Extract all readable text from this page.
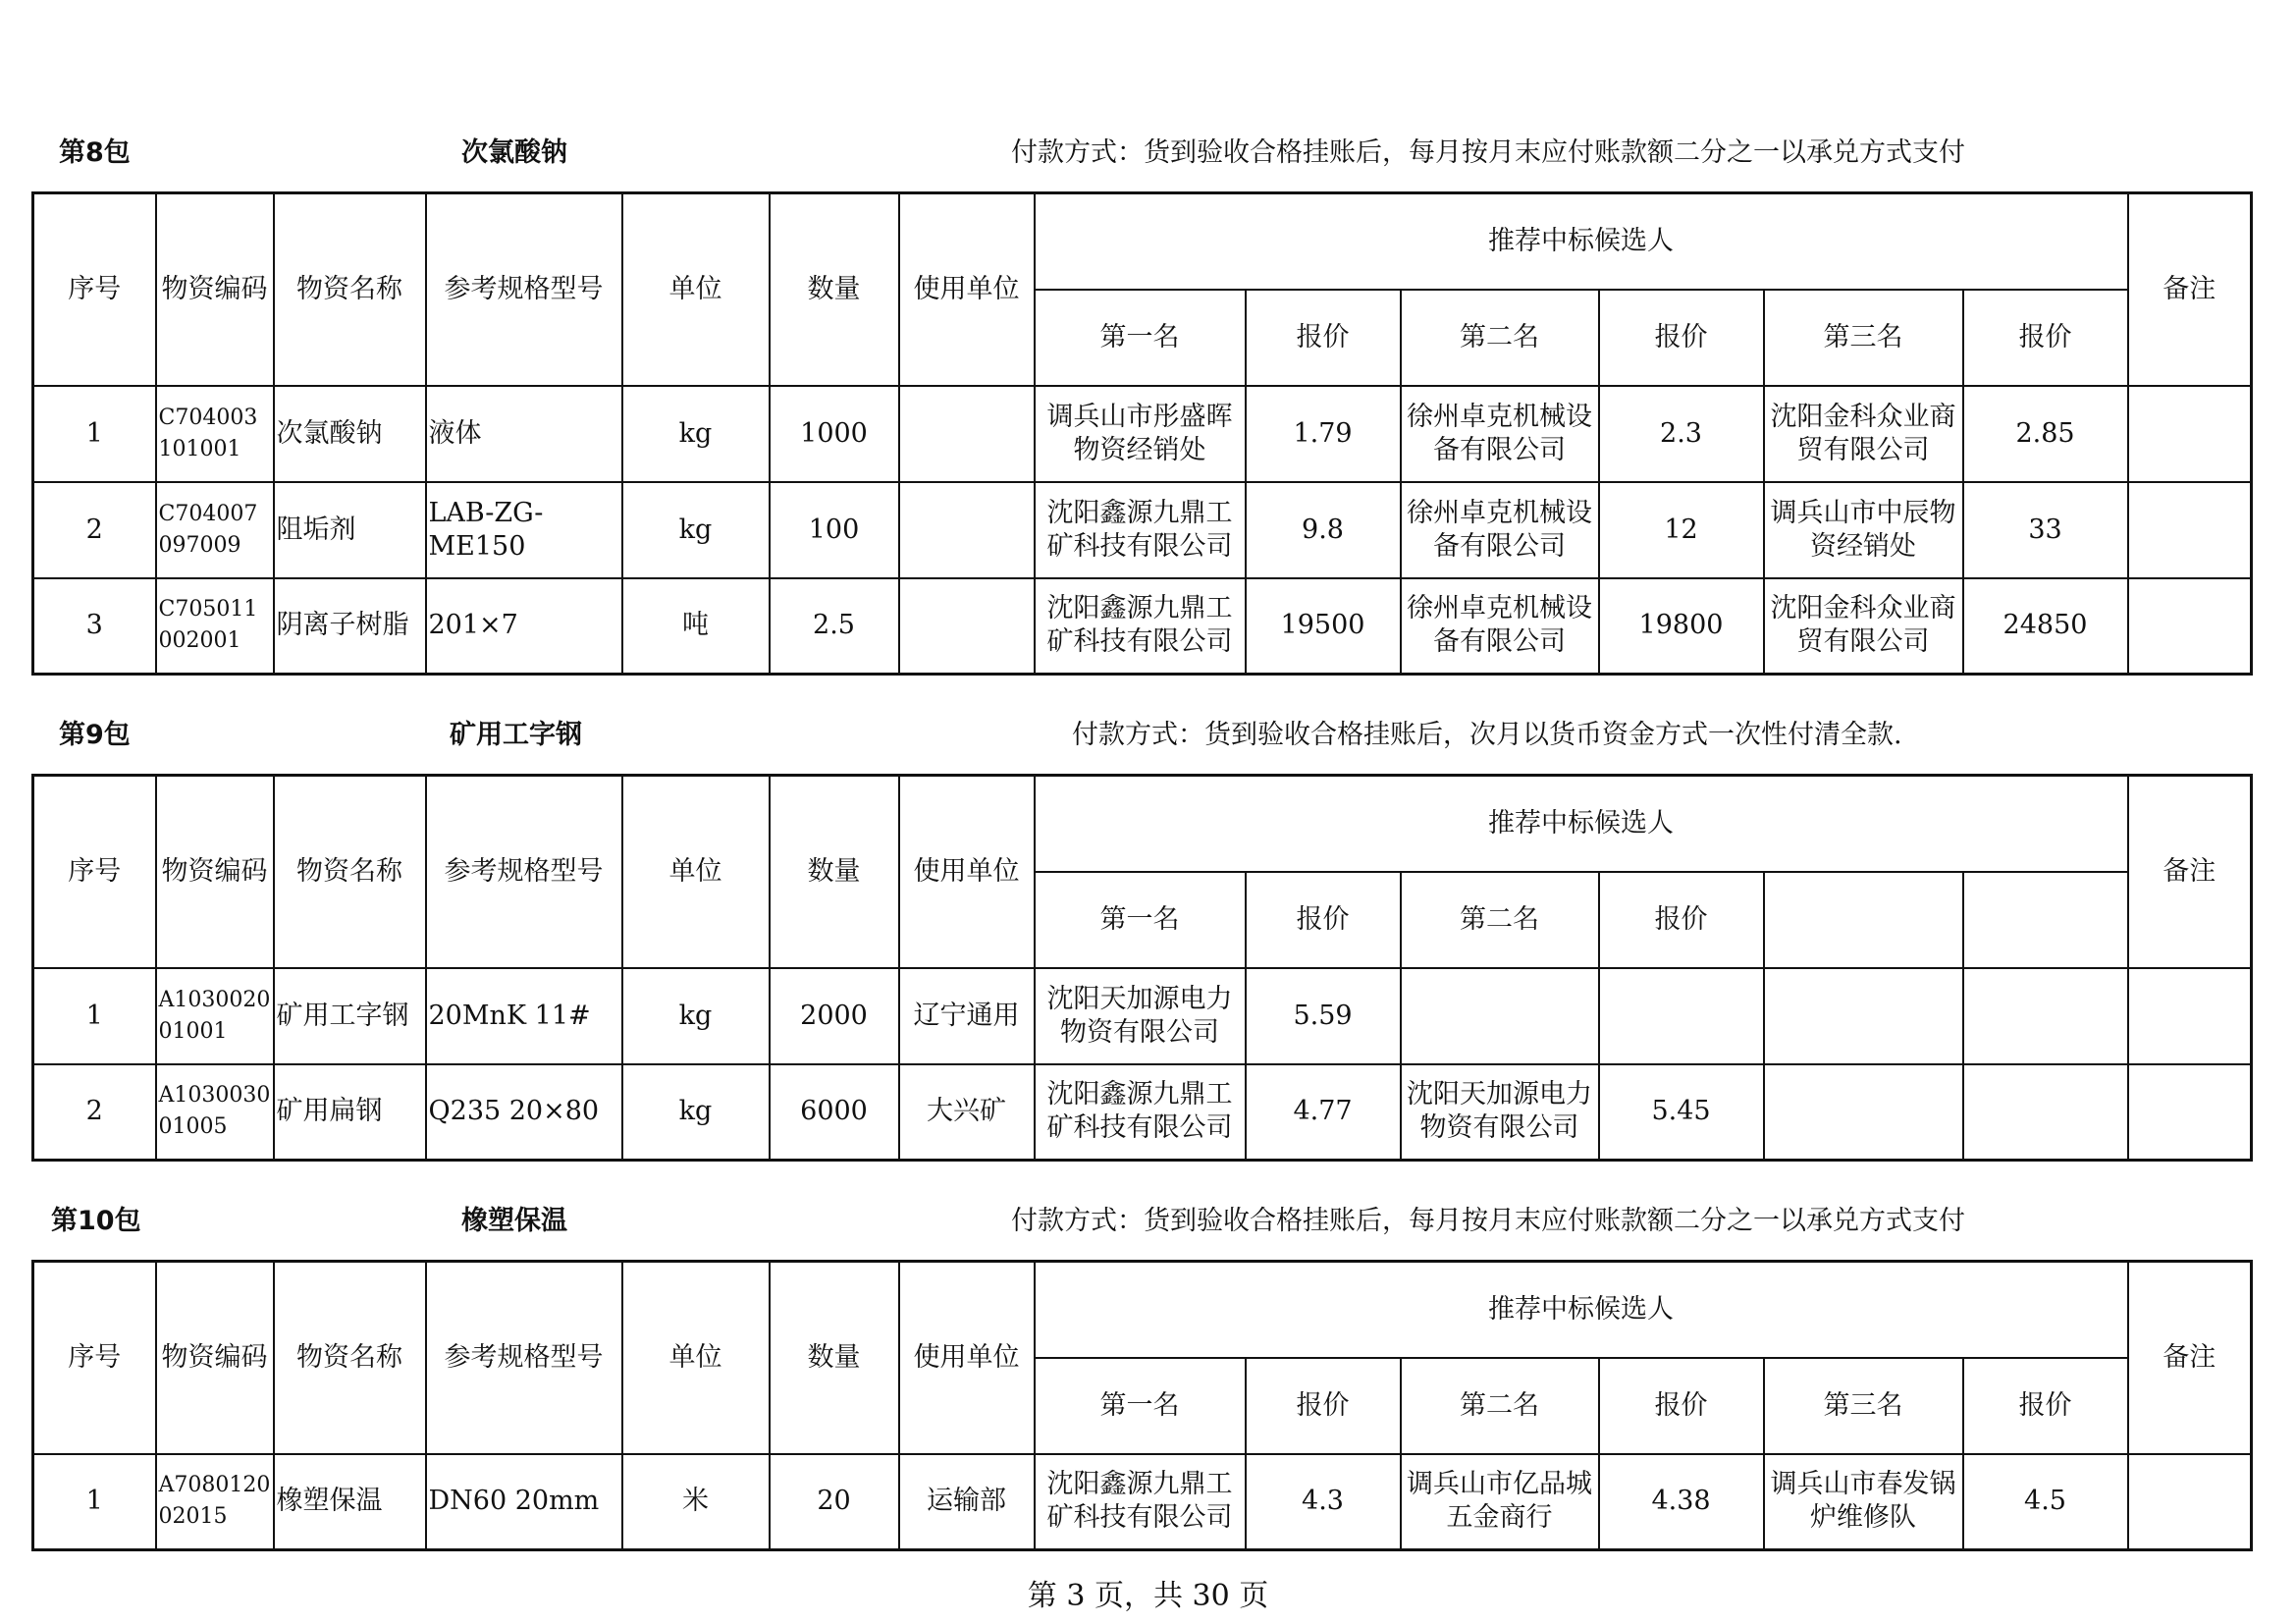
第8包	次氯酸钠	付款方式：货到验收合格挂账后，每月按月末应付账款额二分之一以承兑方式支付
序号	物资编码	物资名称	参考规格型号	单位	数量	使用单位	推荐中标候选人						备注
							第一名	报价	第二名	报价	第三名	报价	
1	C704003101001	次氯酸钠	液体	kg	1000		调兵山市彤盛晖物资经销处	1.79	徐州卓克机械设备有限公司	2.3	沈阳金科众业商贸有限公司	2.85	
2	C704007097009	阻垢剂	LAB-ZG-ME150	kg	100		沈阳鑫源九鼎工矿科技有限公司	9.8	徐州卓克机械设备有限公司	12	调兵山市中辰物资经销处	33	
3	C705011002001	阴离子树脂	201×7	吨	2.5		沈阳鑫源九鼎工矿科技有限公司	19500	徐州卓克机械设备有限公司	19800	沈阳金科众业商贸有限公司	24850	
第9包	矿用工字钢	付款方式：货到验收合格挂账后，次月以货币资金方式一次性付清全款.
序号	物资编码	物资名称	参考规格型号	单位	数量	使用单位	推荐中标候选人						备注
							第一名	报价	第二名	报价			
1	A103002001001	矿用工字钢	20MnK 11#	kg	2000	辽宁通用	沈阳天加源电力物资有限公司	5.59					
2	A103003001005	矿用扁钢	Q235 20×80	kg	6000	大兴矿	沈阳鑫源九鼎工矿科技有限公司	4.77	沈阳天加源电力物资有限公司	5.45			
第10包	橡塑保温	付款方式：货到验收合格挂账后，每月按月末应付账款额二分之一以承兑方式支付
序号	物资编码	物资名称	参考规格型号	单位	数量	使用单位	推荐中标候选人						备注
							第一名	报价	第二名	报价	第三名	报价	
1	A708012002015	橡塑保温	DN60 20mm	米	20	运输部	沈阳鑫源九鼎工矿科技有限公司	4.3	调兵山市亿品城五金商行	4.38	调兵山市春发锅炉维修队	4.5	
第 3 页，共 30 页
